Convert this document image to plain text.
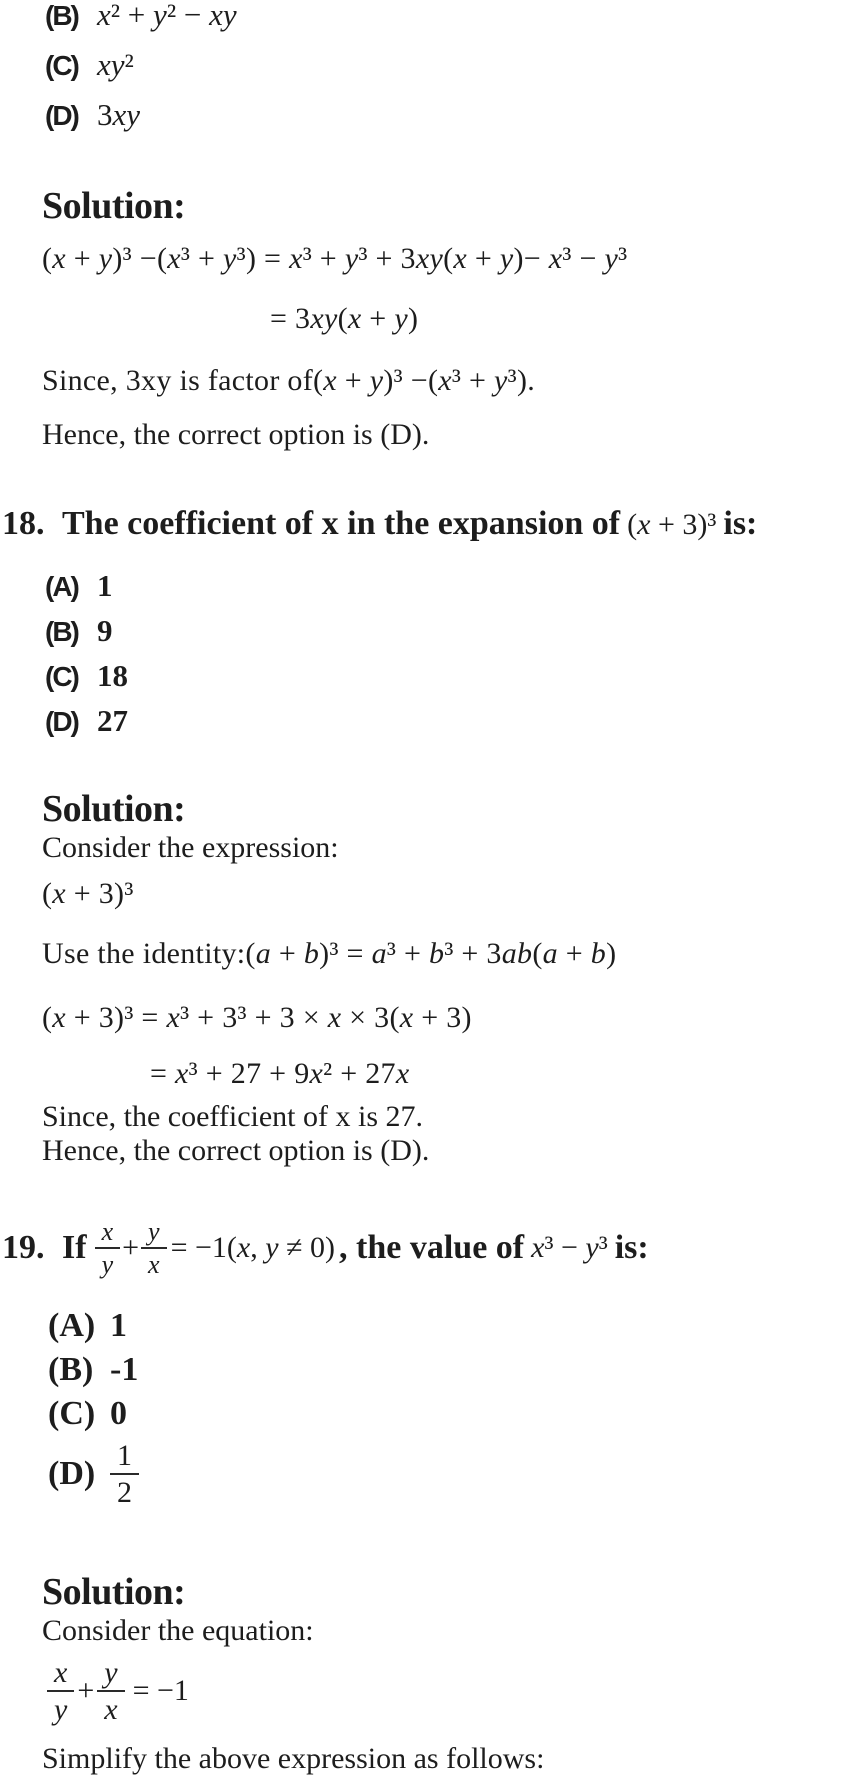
(B) x² + y² − xy
(C) xy²
(D) 3xy
Solution:
(x + y)³ −(x³ + y³) = x³ + y³ + 3xy(x + y)− x³ − y³
= 3xy(x + y)
Since, 3xy is factor of(x + y)³ −(x³ + y³).
Hence, the correct option is (D).
18. The coefficient of x in the expansion of (x + 3)³ is:
(A) 1
(B) 9
(C) 18
(D) 27
Solution:
Consider the expression:
(x + 3)³
Use the identity:(a + b)³ = a³ + b³ + 3ab(a + b)
(x + 3)³ = x³ + 3³ + 3 × x × 3(x + 3)
= x³ + 27 + 9x² + 27x
Since, the coefficient of x is 27.
Hence, the correct option is (D).
19. If $\frac{x}{y} + \frac{y}{x} = -1(x$, y ≠ 0) , the value of x³ − y³ is:
(A) 1
(B) -1
(C) 0
$(D) \frac{1}{2}$
Solution:
Consider the equation:
$\frac{x}{y} + \frac{y}{x} = -1$
Simplify the above expression as follows:
